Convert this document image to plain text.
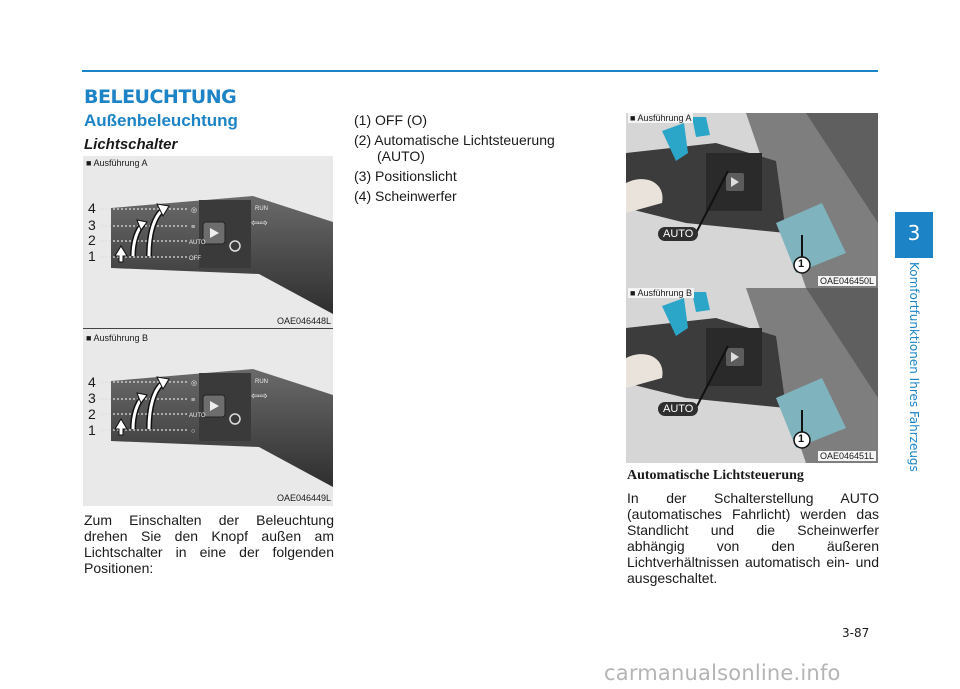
BELEUCHTUNG
Außenbeleuchtung
Lichtschalter
■ Ausführung A
RUN
⇦⇨
◎
≡
AUTO
OFF
4
3
2
1
OAE046448L
■ Ausführung B
RUN
⇦⇨
◎
≡
AUTO
○
4
3
2
1
OAE046449L
Zum Einschalten der Beleuchtung drehen Sie den Knopf außen am Lichtschalter in eine der folgenden Positionen:
(1) OFF (O)
(2) Automatische Lichtsteuerung
(AUTO)
(3) Positionslicht
(4) Scheinwerfer
■ Ausführung A
AUTO
1
OAE046450L
■ Ausführung B
AUTO
1
OAE046451L
Automatische Lichtsteuerung
In der Schalterstellung AUTO (automatisches Fahrlicht) werden das Standlicht und die Scheinwerfer abhängig von den äußeren Lichtverhältnissen automatisch ein- und ausgeschaltet.
3
Komfortfunktionen Ihres Fahrzeugs
3-87
carmanualsonline.info
